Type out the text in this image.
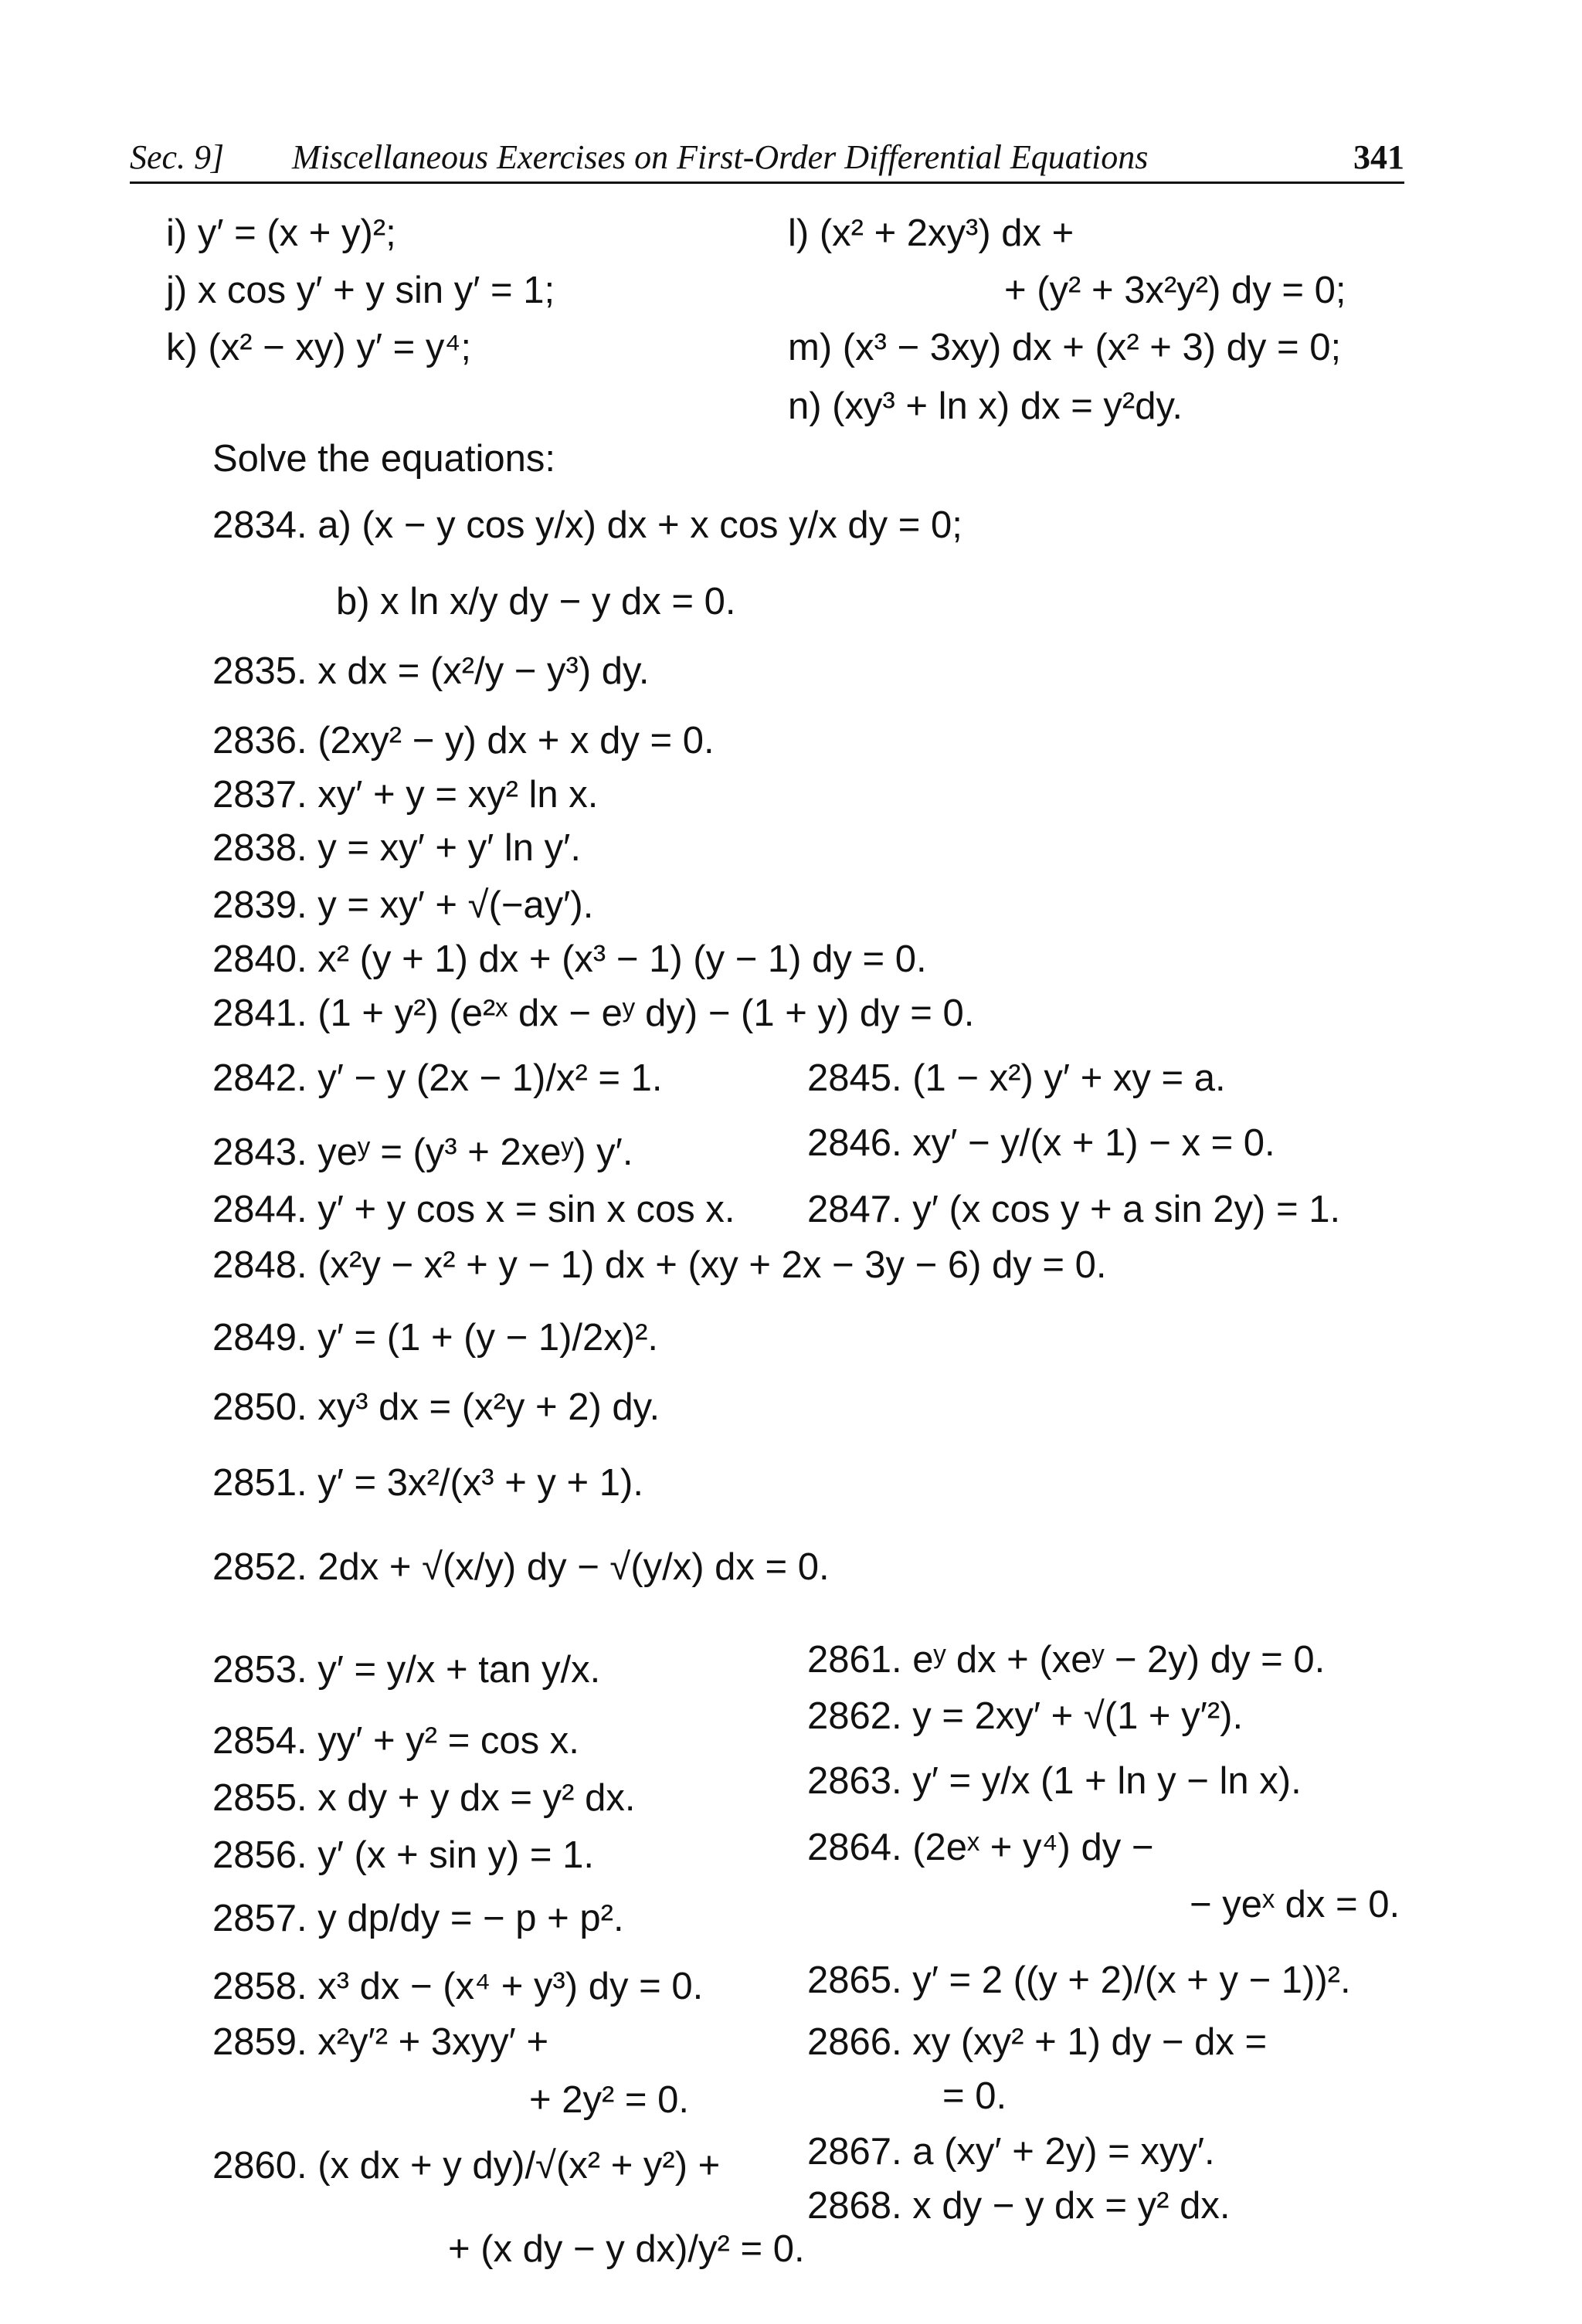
Sec. 9] Miscellaneous Exercises on First-Order Differential Equations	341
i) y′ = (x + y)²;
j) x cos y′ + y sin y′ = 1;
k) (x² − xy) y′ = y⁴;
l) (x² + 2xy³) dx +
+ (y² + 3x²y²) dy = 0;
m) (x³ − 3xy) dx + (x² + 3) dy = 0;
n) (xy³ + ln x) dx = y²dy.
Solve the equations:
2834. a) (x − y cos y/x) dx + x cos y/x dy = 0;
b) x ln x/y dy − y dx = 0.
2835. x dx = (x²/y − y³) dy.
2836. (2xy² − y) dx + x dy = 0.
2837. xy′ + y = xy² ln x.
2838. y = xy′ + y′ ln y′.
2839. y = xy′ + √(−ay′).
2840. x² (y + 1) dx + (x³ − 1) (y − 1) dy = 0.
2841. (1 + y²) (e²ˣ dx − eʸ dy) − (1 + y) dy = 0.
2842. y′ − y (2x − 1)/x² = 1.
2843. yeʸ = (y³ + 2xeʸ) y′.
2844. y′ + y cos x = sin x cos x.
2845. (1 − x²) y′ + xy = a.
2846. xy′ − y/(x + 1) − x = 0.
2847. y′ (x cos y + a sin 2y) = 1.
2848. (x²y − x² + y − 1) dx + (xy + 2x − 3y − 6) dy = 0.
2849. y′ = (1 + (y − 1)/2x)².
2850. xy³ dx = (x²y + 2) dy.
2851. y′ = 3x²/(x³ + y + 1).
2852. 2dx + √(x/y) dy − √(y/x) dx = 0.
2853. y′ = y/x + tan y/x.
2854. yy′ + y² = cos x.
2855. x dy + y dx = y² dx.
2856. y′ (x + sin y) = 1.
2857. y dp/dy = − p + p².
2858. x³ dx − (x⁴ + y³) dy = 0.
2859. x²y′² + 3xyy′ +
+ 2y² = 0.
2860. (x dx + y dy)/√(x² + y²) +
+ (x dy − y dx)/y² = 0.
2861. eʸ dx + (xeʸ − 2y) dy = 0.
2862. y = 2xy′ + √(1 + y′²).
2863. y′ = y/x (1 + ln y − ln x).
2864. (2eˣ + y⁴) dy −
− yeˣ dx = 0.
2865. y′ = 2 ((y + 2)/(x + y − 1))².
2866. xy (xy² + 1) dy − dx =
= 0.
2867. a (xy′ + 2y) = xyy′.
2868. x dy − y dx = y² dx.
